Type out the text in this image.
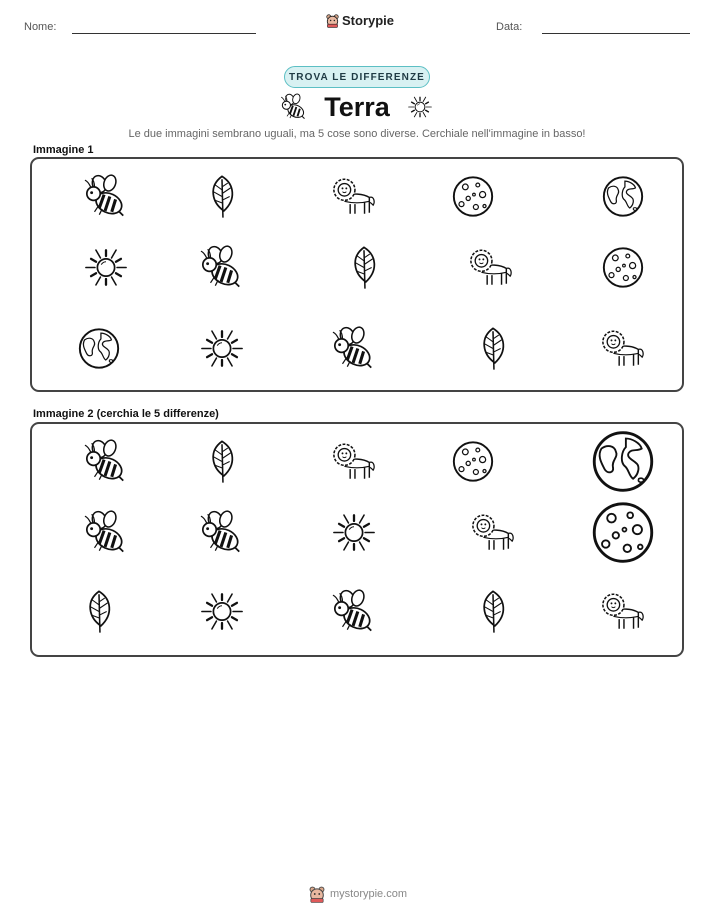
Nome:	Storypie	Data:
TROVA LE DIFFERENZE
Terra
Le due immagini sembrano uguali, ma 5 cose sono diverse. Cerchiale nell'immagine in basso!
Immagine 1
Immagine 2 (cerchia le 5 differenze)
mystorypie.com
